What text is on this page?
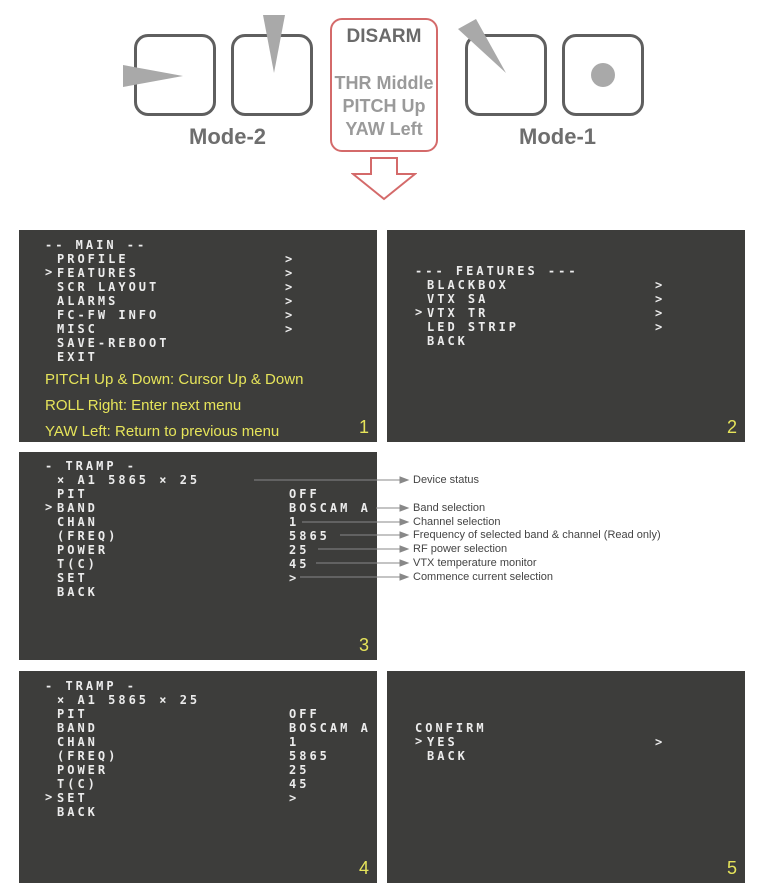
Mode-2
DISARM
THR Middle
PITCH Up
YAW Left	Mode-1
-- MAIN --
PROFILE
> FEATURES
SCR LAYOUT
ALARMS
FC-FW INFO
MISC
SAVE-REBOOT
EXIT
>
>
>
>
>
>
PITCH Up & Down: Cursor Up & Down
ROLL Right: Enter next menu
YAW Left: Return to previous menu	1
--- FEATURES ---
BLACKBOX
VTX SA
> VTX TR
LED STRIP
BACK
>
>
>
>
2
- TRAMP -
× A1 5865 × 25
PIT
> BAND
CHAN
(FREQ)
POWER
T(C)
SET
BACK
OFF
BOSCAM A
1
5865
25
45
>
3
Device status
Band selection
Channel selection
Frequency of selected band & channel (Read only)
RF power selection
VTX temperature monitor
Commence current selection
- TRAMP -
× A1 5865 × 25
PIT
BAND
CHAN
(FREQ)
POWER
T(C)
> SET
BACK
OFF
BOSCAM A
1
5865
25
45
>
4
CONFIRM
> YES
BACK
>
5
